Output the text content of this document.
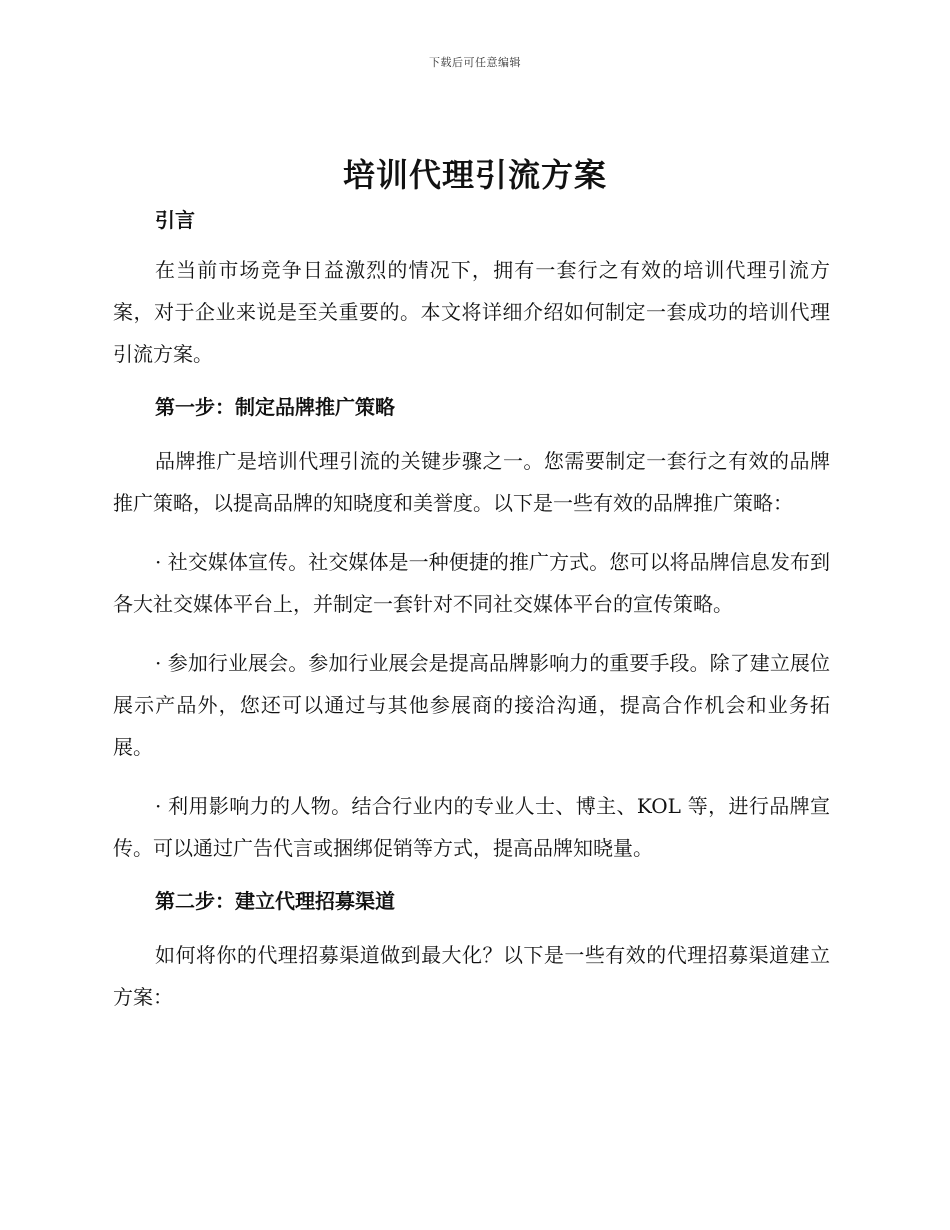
下载后可任意编辑
培训代理引流方案
引言

在当前市场竞争日益激烈的情况下，拥有一套行之有效的培训代理引流方案，对于企业来说是至关重要的。本文将详细介绍如何制定一套成功的培训代理引流方案。

第一步：制定品牌推广策略

品牌推广是培训代理引流的关键步骤之一。您需要制定一套行之有效的品牌推广策略，以提高品牌的知晓度和美誉度。以下是一些有效的品牌推广策略：

· 社交媒体宣传。社交媒体是一种便捷的推广方式。您可以将品牌信息发布到各大社交媒体平台上，并制定一套针对不同社交媒体平台的宣传策略。

· 参加行业展会。参加行业展会是提高品牌影响力的重要手段。除了建立展位展示产品外，您还可以通过与其他参展商的接洽沟通，提高合作机会和业务拓展。

· 利用影响力的人物。结合行业内的专业人士、博主、KOL 等，进行品牌宣传。可以通过广告代言或捆绑促销等方式，提高品牌知晓量。

第二步：建立代理招募渠道

如何将你的代理招募渠道做到最大化？以下是一些有效的代理招募渠道建立方案：
